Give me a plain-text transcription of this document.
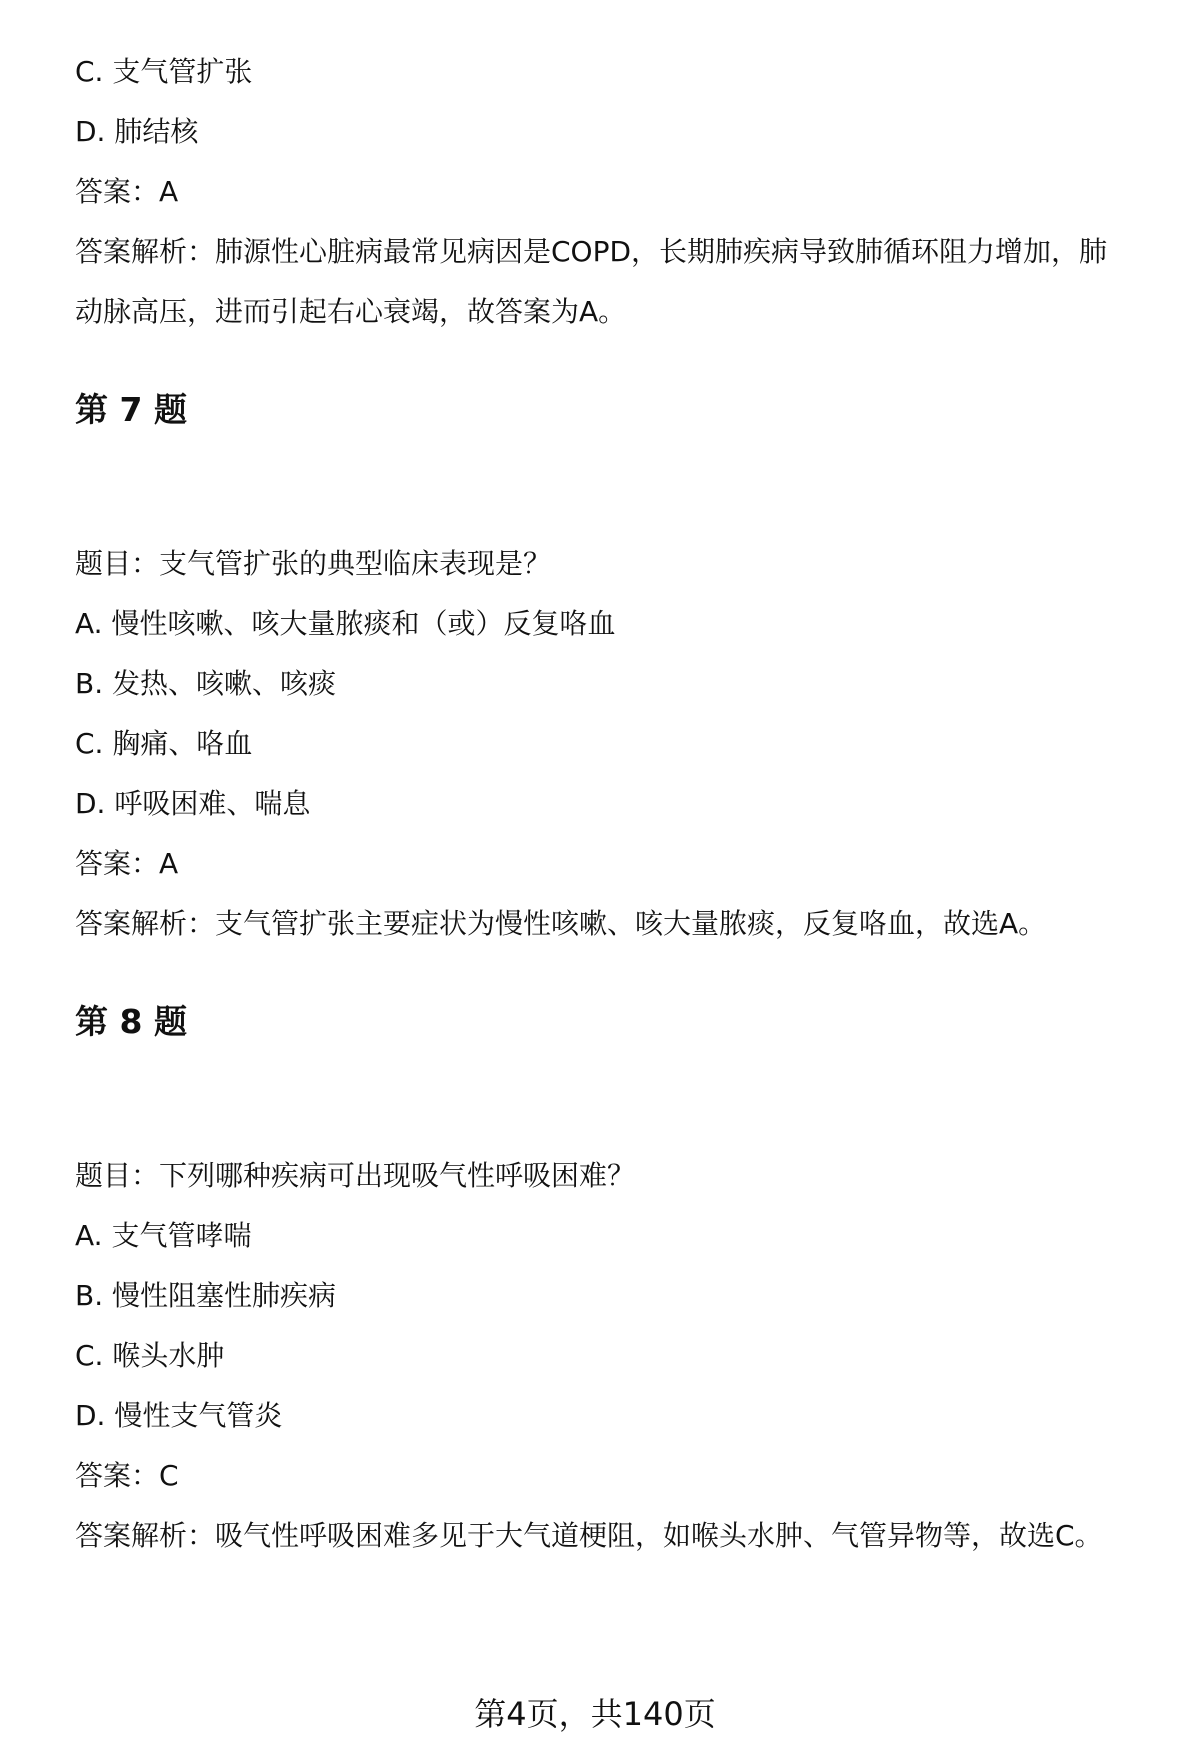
C. 支气管扩张
D. 肺结核
答案：A
答案解析：肺源性心脏病最常见病因是COPD，长期肺疾病导致肺循环阻力增加，肺动脉高压，进而引起右心衰竭，故答案为A。
第 7 题
题目：支气管扩张的典型临床表现是？
A. 慢性咳嗽、咳大量脓痰和（或）反复咯血
B. 发热、咳嗽、咳痰
C. 胸痛、咯血
D. 呼吸困难、喘息
答案：A
答案解析：支气管扩张主要症状为慢性咳嗽、咳大量脓痰，反复咯血，故选A。
第 8 题
题目：下列哪种疾病可出现吸气性呼吸困难？
A. 支气管哮喘
B. 慢性阻塞性肺疾病
C. 喉头水肿
D. 慢性支气管炎
答案：C
答案解析：吸气性呼吸困难多见于大气道梗阻，如喉头水肿、气管异物等，故选C。
第4页，共140页
